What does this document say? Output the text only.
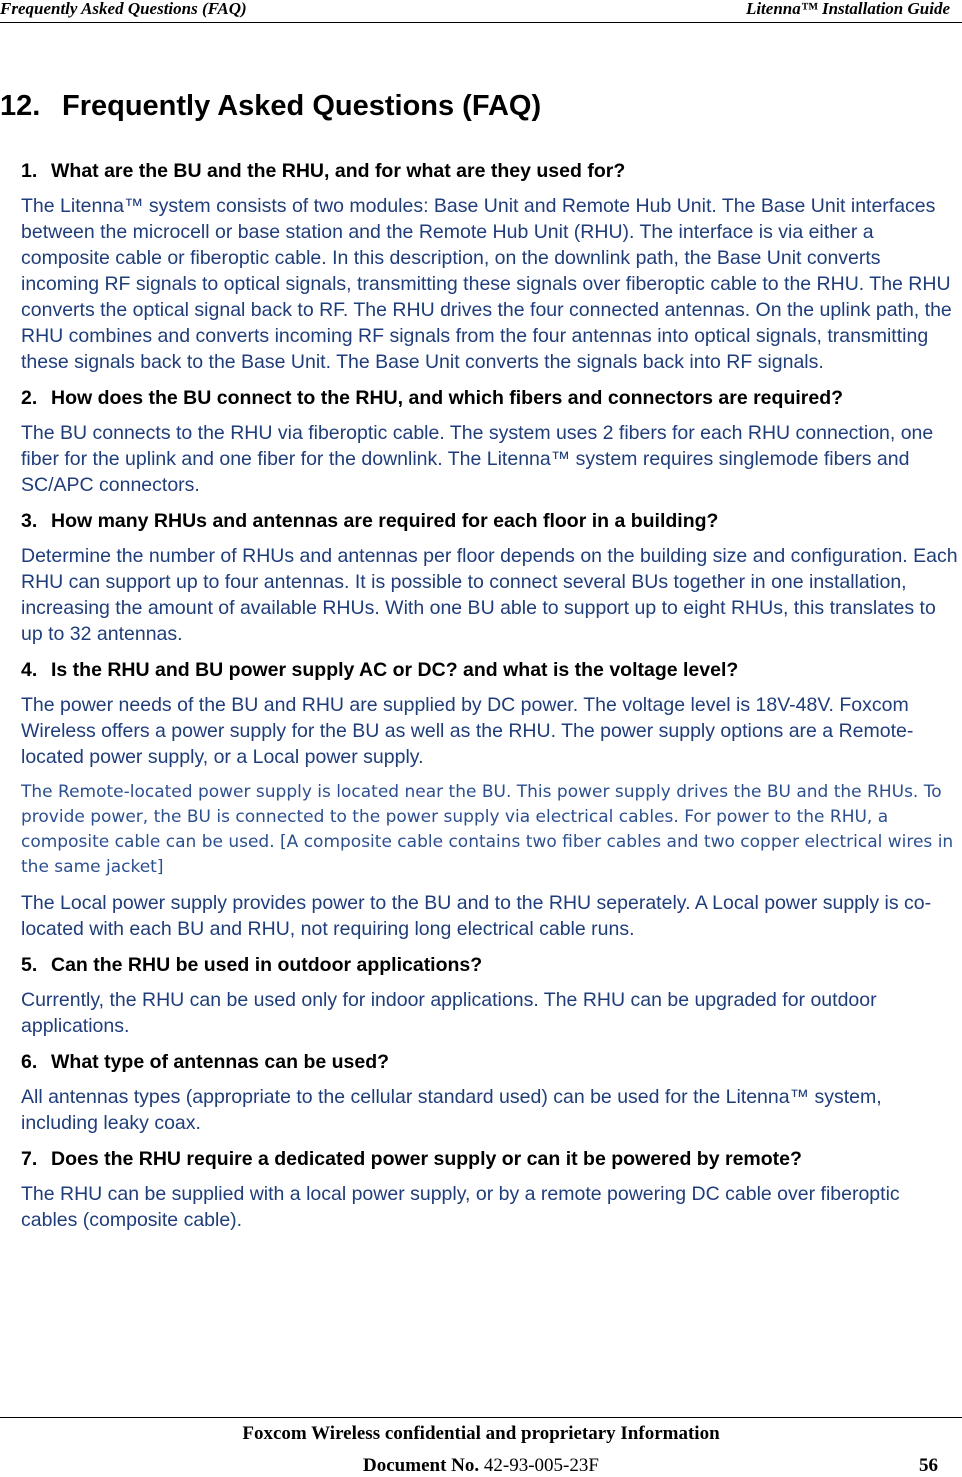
Frequently Asked Questions (FAQ)	Litenna™ Installation Guide
12. Frequently Asked Questions (FAQ)
1. What are the BU and the RHU, and for what are they used for?
The Litenna™ system consists of two modules: Base Unit and Remote Hub Unit. The Base Unit interfaces between the microcell or base station and the Remote Hub Unit (RHU). The interface is via either a composite cable or fiberoptic cable. In this description, on the downlink path, the Base Unit converts incoming RF signals to optical signals, transmitting these signals over fiberoptic cable to the RHU. The RHU converts the optical signal back to RF. The RHU drives the four connected antennas. On the uplink path, the RHU combines and converts incoming RF signals from the four antennas into optical signals, transmitting these signals back to the Base Unit. The Base Unit converts the signals back into RF signals.
2. How does the BU connect to the RHU, and which fibers and connectors are required?
The BU connects to the RHU via fiberoptic cable. The system uses 2 fibers for each RHU connection, one fiber for the uplink and one fiber for the downlink. The Litenna™ system requires singlemode fibers and SC/APC connectors.
3. How many RHUs and antennas are required for each floor in a building?
Determine the number of RHUs and antennas per floor depends on the building size and configuration. Each RHU can support up to four antennas. It is possible to connect several BUs together in one installation, increasing the amount of available RHUs. With one BU able to support up to eight RHUs, this translates to up to 32 antennas.
4. Is the RHU and BU power supply AC or DC? and what is the voltage level?
The power needs of the BU and RHU are supplied by DC power. The voltage level is 18V-48V. Foxcom Wireless offers a power supply for the BU as well as the RHU. The power supply options are a Remote-located power supply, or a Local power supply.
The Remote-located power supply is located near the BU. This power supply drives the BU and the RHUs. To provide power, the BU is connected to the power supply via electrical cables. For power to the RHU, a composite cable can be used. [A composite cable contains two fiber cables and two copper electrical wires in the same jacket]
The Local power supply provides power to the BU and to the RHU seperately. A Local power supply is co-located with each BU and RHU, not requiring long electrical cable runs.
5. Can the RHU be used in outdoor applications?
Currently, the RHU can be used only for indoor applications. The RHU can be upgraded for outdoor applications.
6. What type of antennas can be used?
All antennas types (appropriate to the cellular standard used) can be used for the Litenna™ system, including leaky coax.
7. Does the RHU require a dedicated power supply or can it be powered by remote?
The RHU can be supplied with a local power supply, or by a remote powering DC cable over fiberoptic cables (composite cable).
Foxcom Wireless confidential and proprietary Information
Document No. 42-93-005-23F	56
